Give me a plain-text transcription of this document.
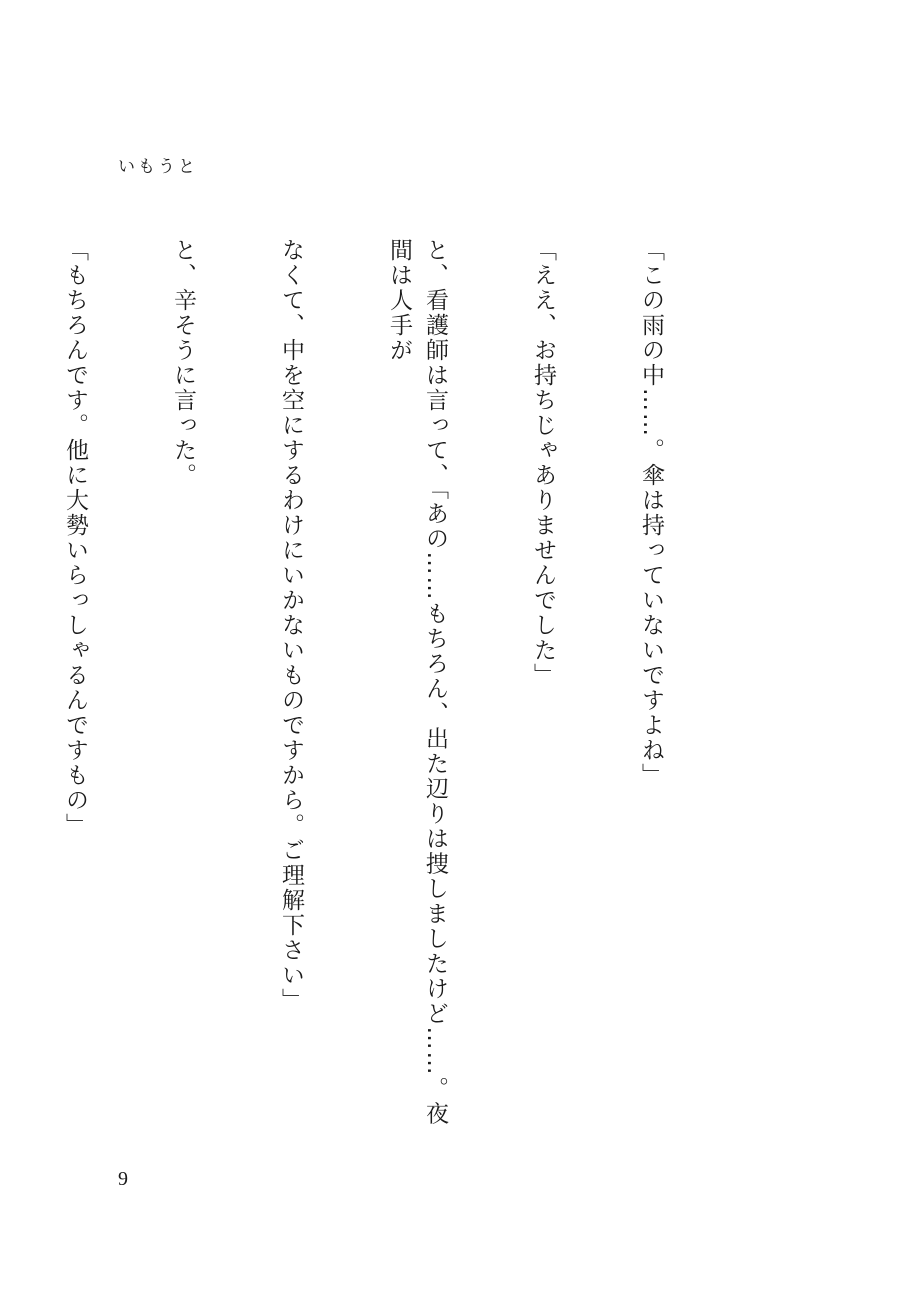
いもうと

「この雨の中……。傘は持っていないですよね」

「ええ、お持ちじゃありませんでした」

と、看護師は言って、「あの……もちろん、出た辺りは捜しましたけど……。夜間は人手が

なくて、中を空にするわけにいかないものですから。ご理解下さい」

と、辛そうに言った。

「もちろんです。他に大勢いらっしゃるんですもの」

9
